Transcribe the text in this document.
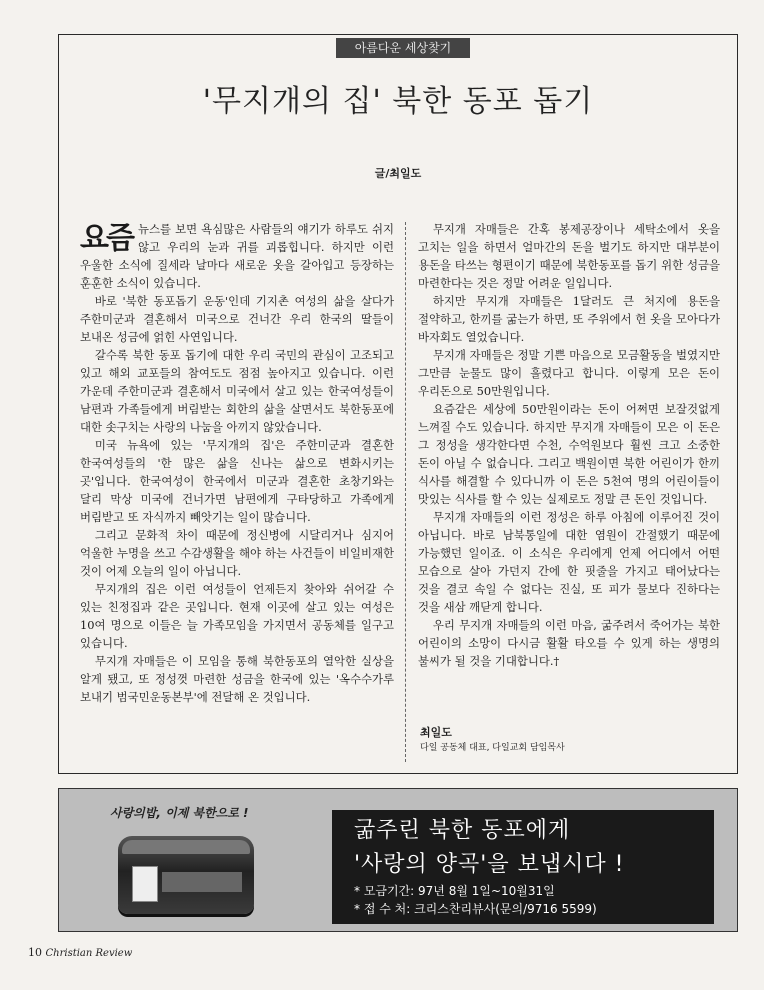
아름다운 세상찾기
'무지개의 집' 북한 동포 돕기
글/최일도

요즘 뉴스를 보면 욕심많은 사람들의 얘기가 하루도 쉬지 않고 우리의 눈과 귀를 괴롭힙니다. 하지만 이런 우울한 소식에 질세라 날마다 새로운 옷을 갈아입고 등장하는 훈훈한 소식이 있습니다.

바로 '북한 동포돕기 운동'인데 기지촌 여성의 삶을 살다가 주한미군과 결혼해서 미국으로 건너간 우리 한국의 딸들이 보내온 성금에 얽힌 사연입니다.

갈수록 북한 동포 돕기에 대한 우리 국민의 관심이 고조되고 있고 해외 교포들의 참여도도 점점 높아지고 있습니다. 이런 가운데 주한미군과 결혼해서 미국에서 살고 있는 한국여성들이 남편과 가족들에게 버림받는 회한의 삶을 살면서도 북한동포에 대한 솟구치는 사랑의 나눔을 아끼지 않았습니다.

미국 뉴욕에 있는 '무지개의 집'은 주한미군과 결혼한 한국여성들의 '한 많은 삶을 신나는 삶으로 변화시키는 곳'입니다. 한국여성이 한국에서 미군과 결혼한 초창기와는 달리 막상 미국에 건너가면 남편에게 구타당하고 가족에게 버림받고 또 자식까지 빼앗기는 일이 많습니다.

그리고 문화적 차이 때문에 정신병에 시달리거나 심지어 억울한 누명을 쓰고 수감생활을 해야 하는 사건들이 비일비재한 것이 어제 오늘의 일이 아닙니다.

무지개의 집은 이런 여성들이 언제든지 찾아와 쉬어갈 수 있는 친정집과 같은 곳입니다. 현재 이곳에 살고 있는 여성은 10여 명으로 이들은 늘 가족모임을 가지면서 공동체를 일구고 있습니다.

무지개 자매들은 이 모임을 통해 북한동포의 열악한 실상을 알게 됐고, 또 정성껏 마련한 성금을 한국에 있는 '옥수수가루 보내기 범국민운동본부'에 전달해 온 것입니다.

무지개 자매들은 간혹 봉제공장이나 세탁소에서 옷을 고치는 일을 하면서 얼마간의 돈을 벌기도 하지만 대부분이 용돈을 타쓰는 형편이기 때문에 북한동포를 돕기 위한 성금을 마련한다는 것은 정말 어려운 일입니다.

하지만 무지개 자매들은 1달러도 큰 처지에 용돈을 절약하고, 한끼를 굶는가 하면, 또 주위에서 헌 옷을 모아다가 바자회도 열었습니다.

무지개 자매들은 정말 기쁜 마음으로 모금활동을 벌였지만 그만큼 눈물도 많이 흘렸다고 합니다. 이렇게 모은 돈이 우리돈으로 50만원입니다.

요즘같은 세상에 50만원이라는 돈이 어쩌면 보잘것없게 느껴질 수도 있습니다. 하지만 무지개 자매들이 모은 이 돈은 그 정성을 생각한다면 수천, 수억원보다 훨씬 크고 소중한 돈이 아닐 수 없습니다. 그리고 백원이면 북한 어린이가 한끼 식사를 해결할 수 있다니까 이 돈은 5천여 명의 어린이들이 맛있는 식사를 할 수 있는 실제로도 정말 큰 돈인 것입니다.

무지개 자매들의 이런 정성은 하루 아침에 이루어진 것이 아닙니다. 바로 남북통일에 대한 염원이 간절했기 때문에 가능했던 일이죠. 이 소식은 우리에게 언제 어디에서 어떤 모습으로 살아 가던지 간에 한 핏줄을 가지고 태어났다는 것을 결코 속일 수 없다는 진실, 또 피가 물보다 진하다는 것을 새삼 깨닫게 합니다.

우리 무지개 자매들의 이런 마음, 굶주려서 죽어가는 북한 어린이의 소망이 다시금 활활 타오를 수 있게 하는 생명의 불씨가 될 것을 기대합니다.†

최일도
다일 공동체 대표, 다일교회 담임목사
사랑의밥, 이제 북한으로 !
굶주린 북한 동포에게
'사랑의 양곡'을 보냅시다 !
* 모금기간: 97년 8월 1일~10월31일
* 접 수 처: 크리스찬리뷰사(문의/9716 5599)
10 Christian Review
